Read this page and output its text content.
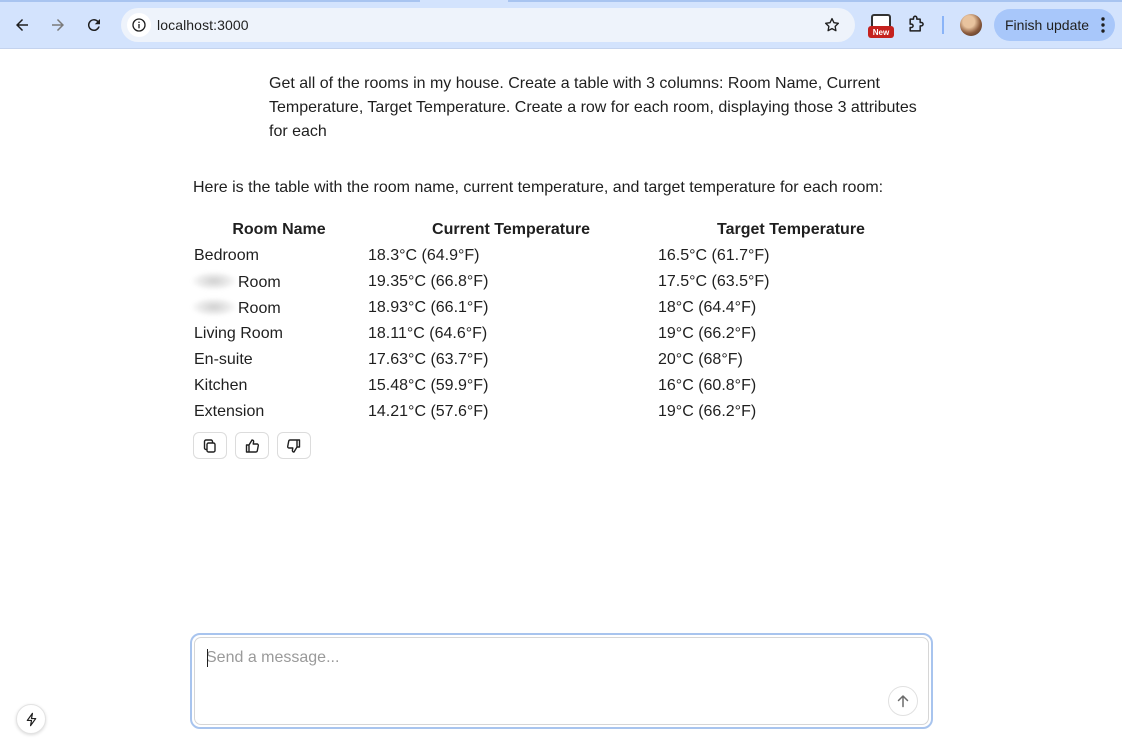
localhost:3000	New	Finish update
Get all of the rooms in my house. Create a table with 3 columns: Room Name, Current Temperature, Target Temperature. Create a row for each room, displaying those 3 attributes for each
Here is the table with the room name, current temperature, and target temperature for each room:
Room Name	Current Temperature	Target Temperature
Bedroom	18.3°C (64.9°F)	16.5°C (61.7°F)
Room	19.35°C (66.8°F)	17.5°C (63.5°F)
Room	18.93°C (66.1°F)	18°C (64.4°F)
Living Room	18.11°C (64.6°F)	19°C (66.2°F)
En-suite	17.63°C (63.7°F)	20°C (68°F)
Kitchen	15.48°C (59.9°F)	16°C (60.8°F)
Extension	14.21°C (57.6°F)	19°C (66.2°F)
Send a message...
